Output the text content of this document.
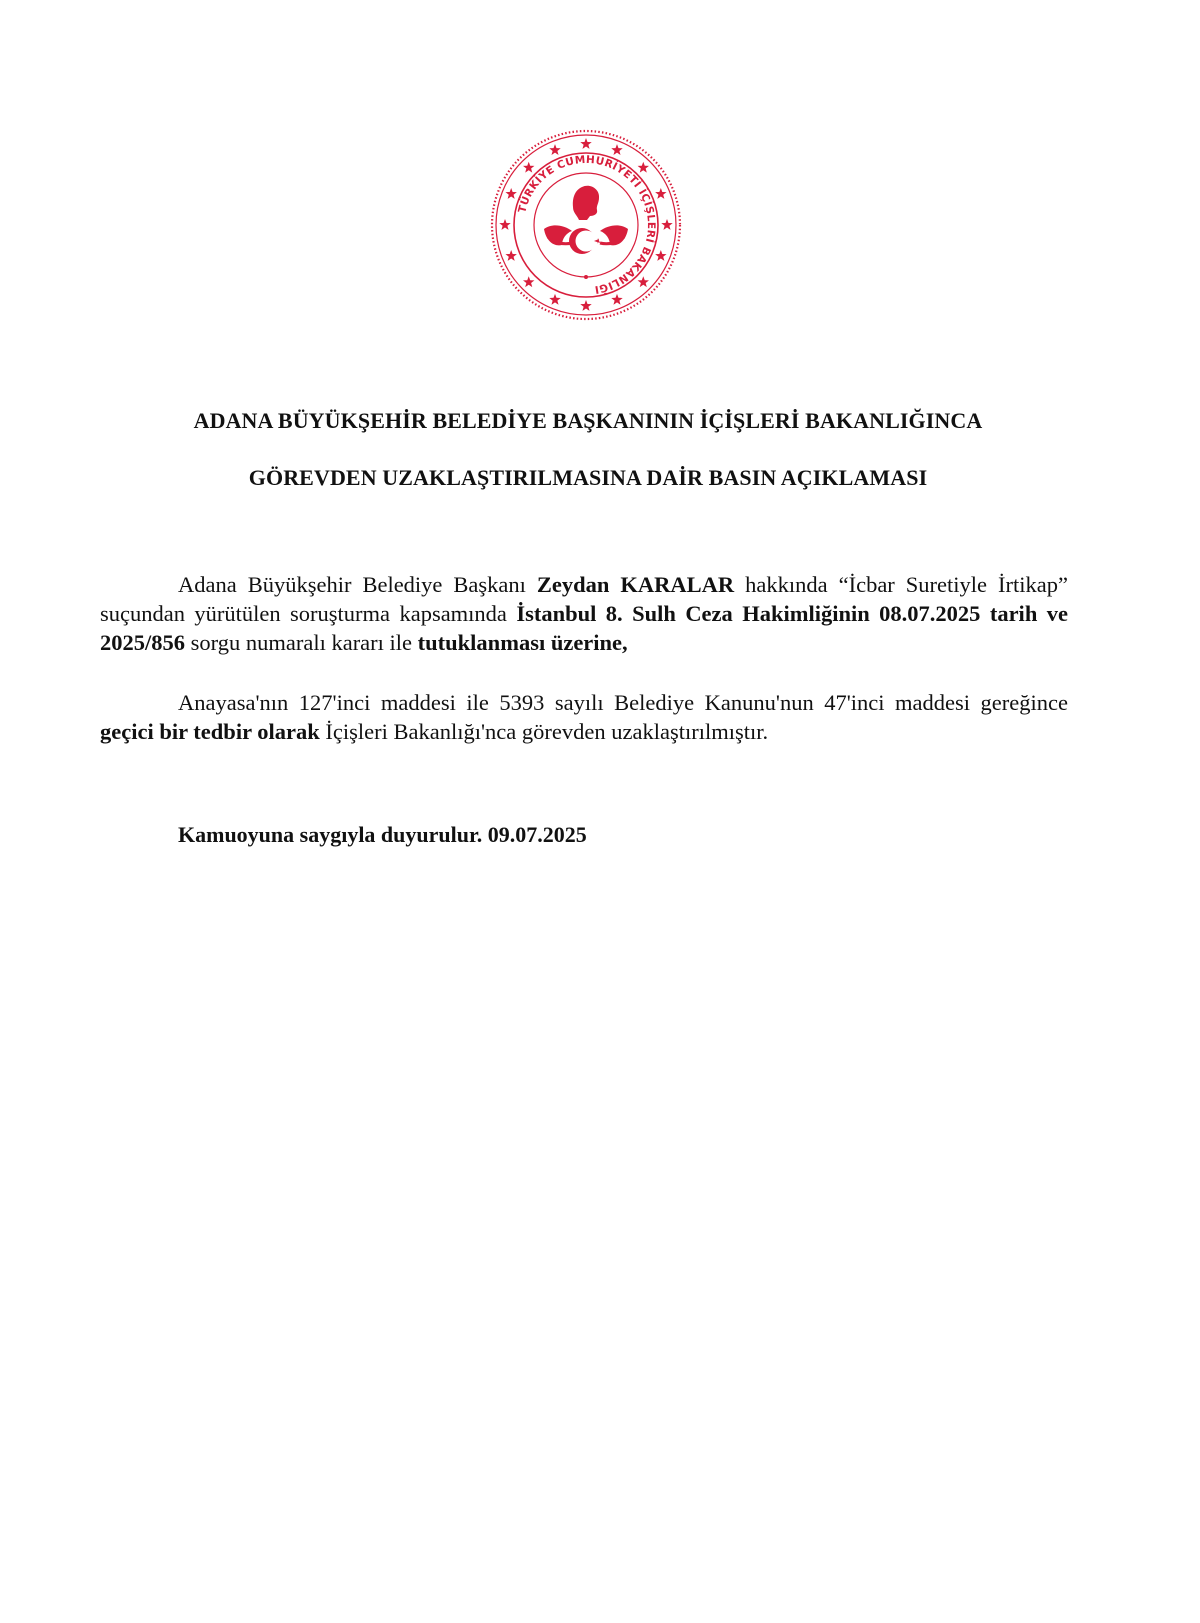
TÜRKİYE CUMHURİYETİ İÇİŞLERİ BAKANLIĞI
ADANA BÜYÜKŞEHİR BELEDİYE BAŞKANININ İÇİŞLERİ BAKANLIĞINCA
GÖREVDEN UZAKLAŞTIRILMASINA DAİR BASIN AÇIKLAMASI

Adana Büyükşehir Belediye Başkanı Zeydan KARALAR hakkında “İcbar Suretiyle İrtikap” suçundan yürütülen soruşturma kapsamında İstanbul 8. Sulh Ceza Hakimliğinin 08.07.2025 tarih ve 2025/856 sorgu numaralı kararı ile tutuklanması üzerine,

Anayasa'nın 127'inci maddesi ile 5393 sayılı Belediye Kanunu'nun 47'inci maddesi gereğince geçici bir tedbir olarak İçişleri Bakanlığı'nca görevden uzaklaştırılmıştır.

Kamuoyuna saygıyla duyurulur. 09.07.2025
